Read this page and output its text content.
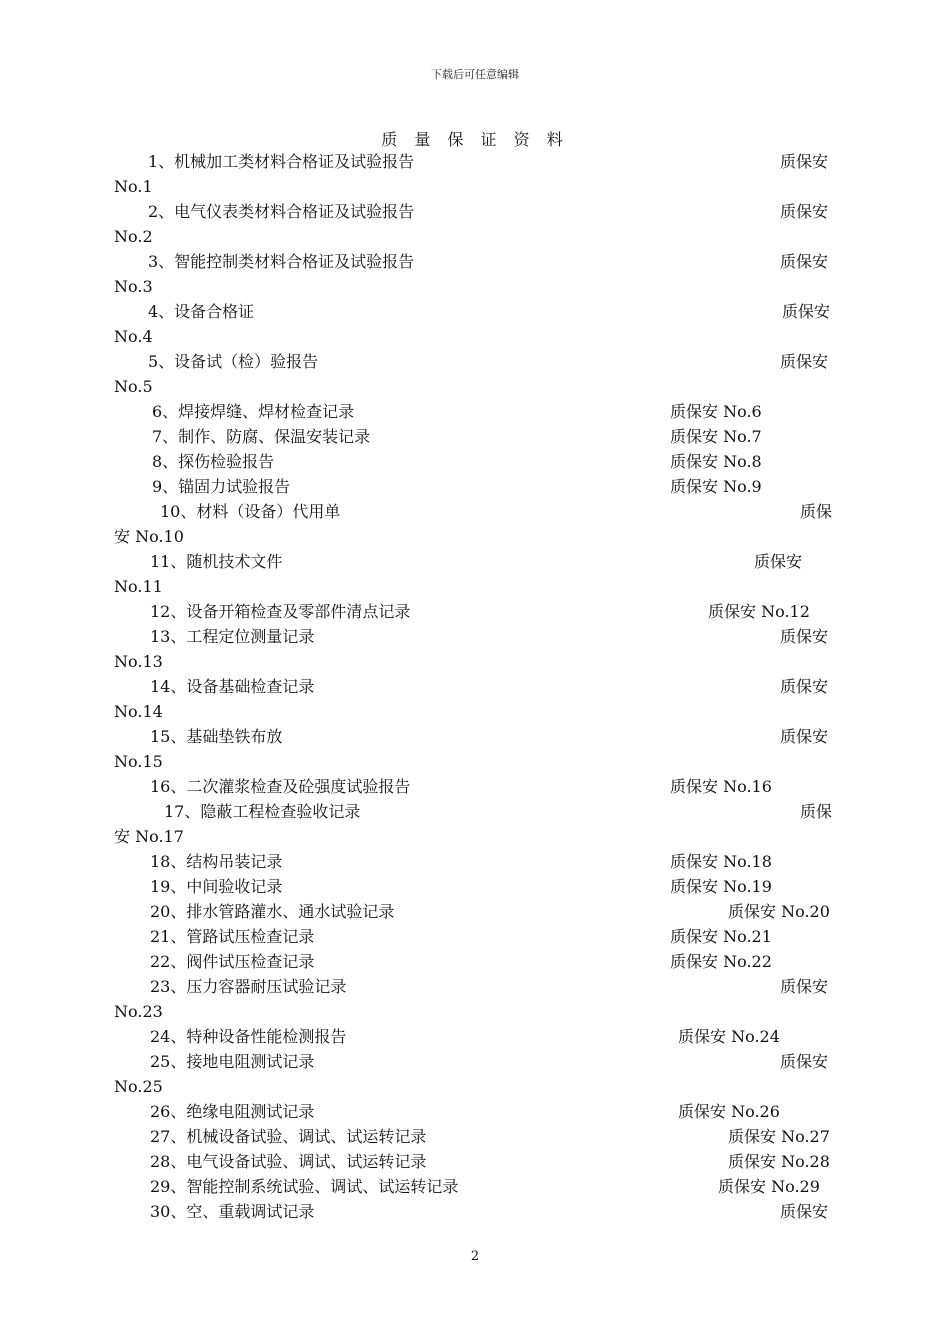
下载后可任意编辑
质 量 保 证 资 料
1、机械加工类材料合格证及试验报告	质保安
No.1
2、电气仪表类材料合格证及试验报告	质保安
No.2
3、智能控制类材料合格证及试验报告	质保安
No.3
4、设备合格证	质保安
No.4
5、设备试（检）验报告	质保安
No.5
6、焊接焊缝、焊材检查记录	质保安 No.6
7、制作、防腐、保温安装记录	质保安 No.7
8、探伤检验报告	质保安 No.8
9、锚固力试验报告	质保安 No.9
10、材料（设备）代用单	质保
安 No.10
11、随机技术文件	质保安
No.11
12、设备开箱检查及零部件清点记录	质保安 No.12
13、工程定位测量记录	质保安
No.13
14、设备基础检查记录	质保安
No.14
15、基础垫铁布放	质保安
No.15
16、二次灌浆检查及砼强度试验报告	质保安 No.16
17、隐蔽工程检查验收记录	质保
安 No.17
18、结构吊装记录	质保安 No.18
19、中间验收记录	质保安 No.19
20、排水管路灌水、通水试验记录	质保安 No.20
21、管路试压检查记录	质保安 No.21
22、阀件试压检查记录	质保安 No.22
23、压力容器耐压试验记录	质保安
No.23
24、特种设备性能检测报告	质保安 No.24
25、接地电阻测试记录	质保安
No.25
26、绝缘电阻测试记录	质保安 No.26
27、机械设备试验、调试、试运转记录	质保安 No.27
28、电气设备试验、调试、试运转记录	质保安 No.28
29、智能控制系统试验、调试、试运转记录	质保安 No.29
30、空、重载调试记录	质保安
2
